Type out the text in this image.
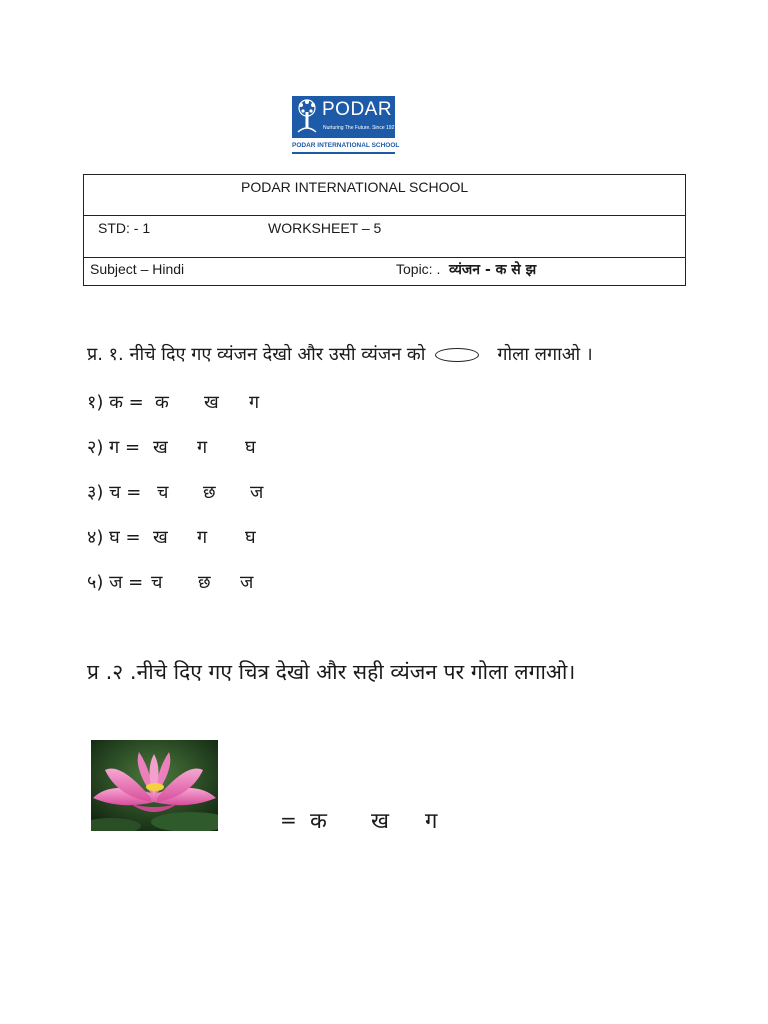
PODAR
Nurturing The Future. Since 1927
PODAR INTERNATIONAL SCHOOL
PODAR INTERNATIONAL SCHOOL
STD: - 1	WORKSHEET – 5
Subject – Hindi	Topic: . व्यंजन - क से झ
प्र. १. नीचे दिए गए व्यंजन देखो और उसी व्यंजन को	गोला लगाओ ।
१) क = क ख ग
२) ग = ख ग घ
३) च = च छ ज
४) घ = ख ग घ
५) ज = च छ ज
प्र .२ .नीचे दिए गए चित्र देखो और सही व्यंजन पर गोला लगाओ।
= क ख ग
